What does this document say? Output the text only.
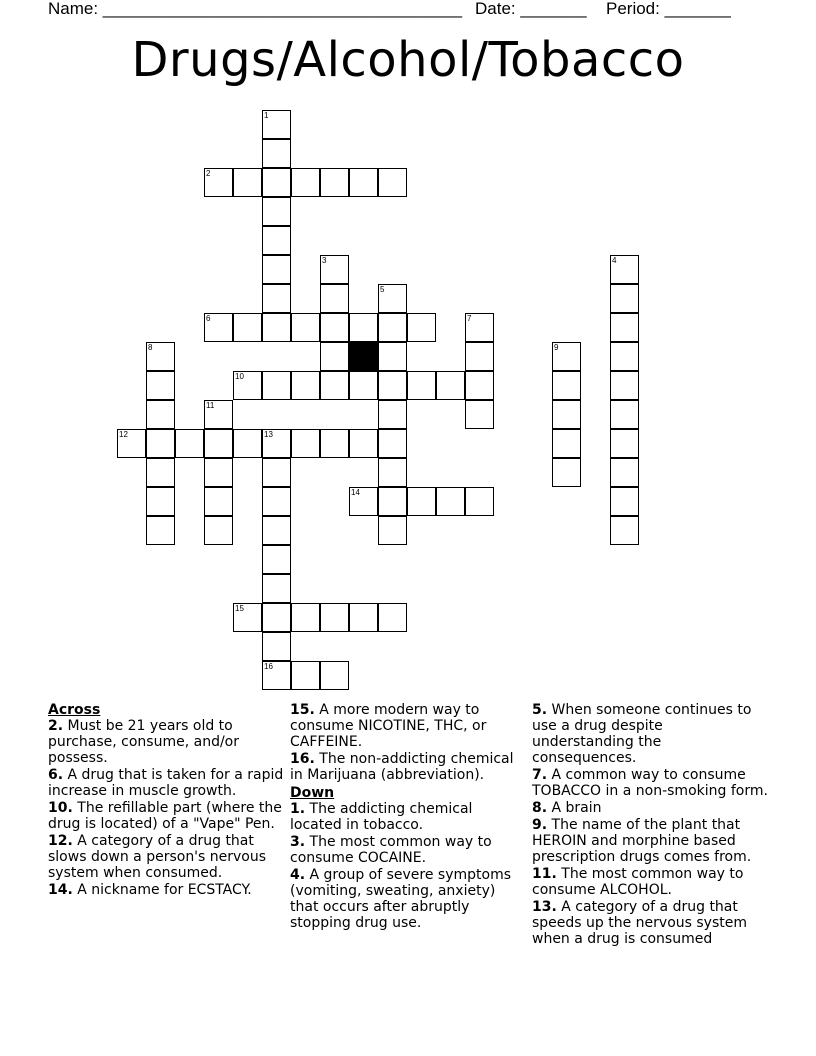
Name: ______________________________________ Date: _______ Period: _______
Drugs/Alcohol/Tobacco
1
2
3	4
5
6	7
8	9
10
11
12	13
14
15
16
Across
2. Must be 21 years old to purchase, consume, and/or possess.
6. A drug that is taken for a rapid increase in muscle growth.
10. The refillable part (where the drug is located) of a "Vape" Pen.
12. A category of a drug that slows down a person's nervous system when consumed.
14. A nickname for ECSTACY.
15. A more modern way to consume NICOTINE, THC, or CAFFEINE.
16. The non-addicting chemical in Marijuana (abbreviation).
Down
1. The addicting chemical located in tobacco.
3. The most common way to consume COCAINE.
4. A group of severe symptoms (vomiting, sweating, anxiety) that occurs after abruptly stopping drug use.
5. When someone continues to use a drug despite understanding the consequences.
7. A common way to consume TOBACCO in a non-smoking form.
8. A brain
9. The name of the plant that HEROIN and morphine based prescription drugs comes from.
11. The most common way to consume ALCOHOL.
13. A category of a drug that speeds up the nervous system when a drug is consumed
